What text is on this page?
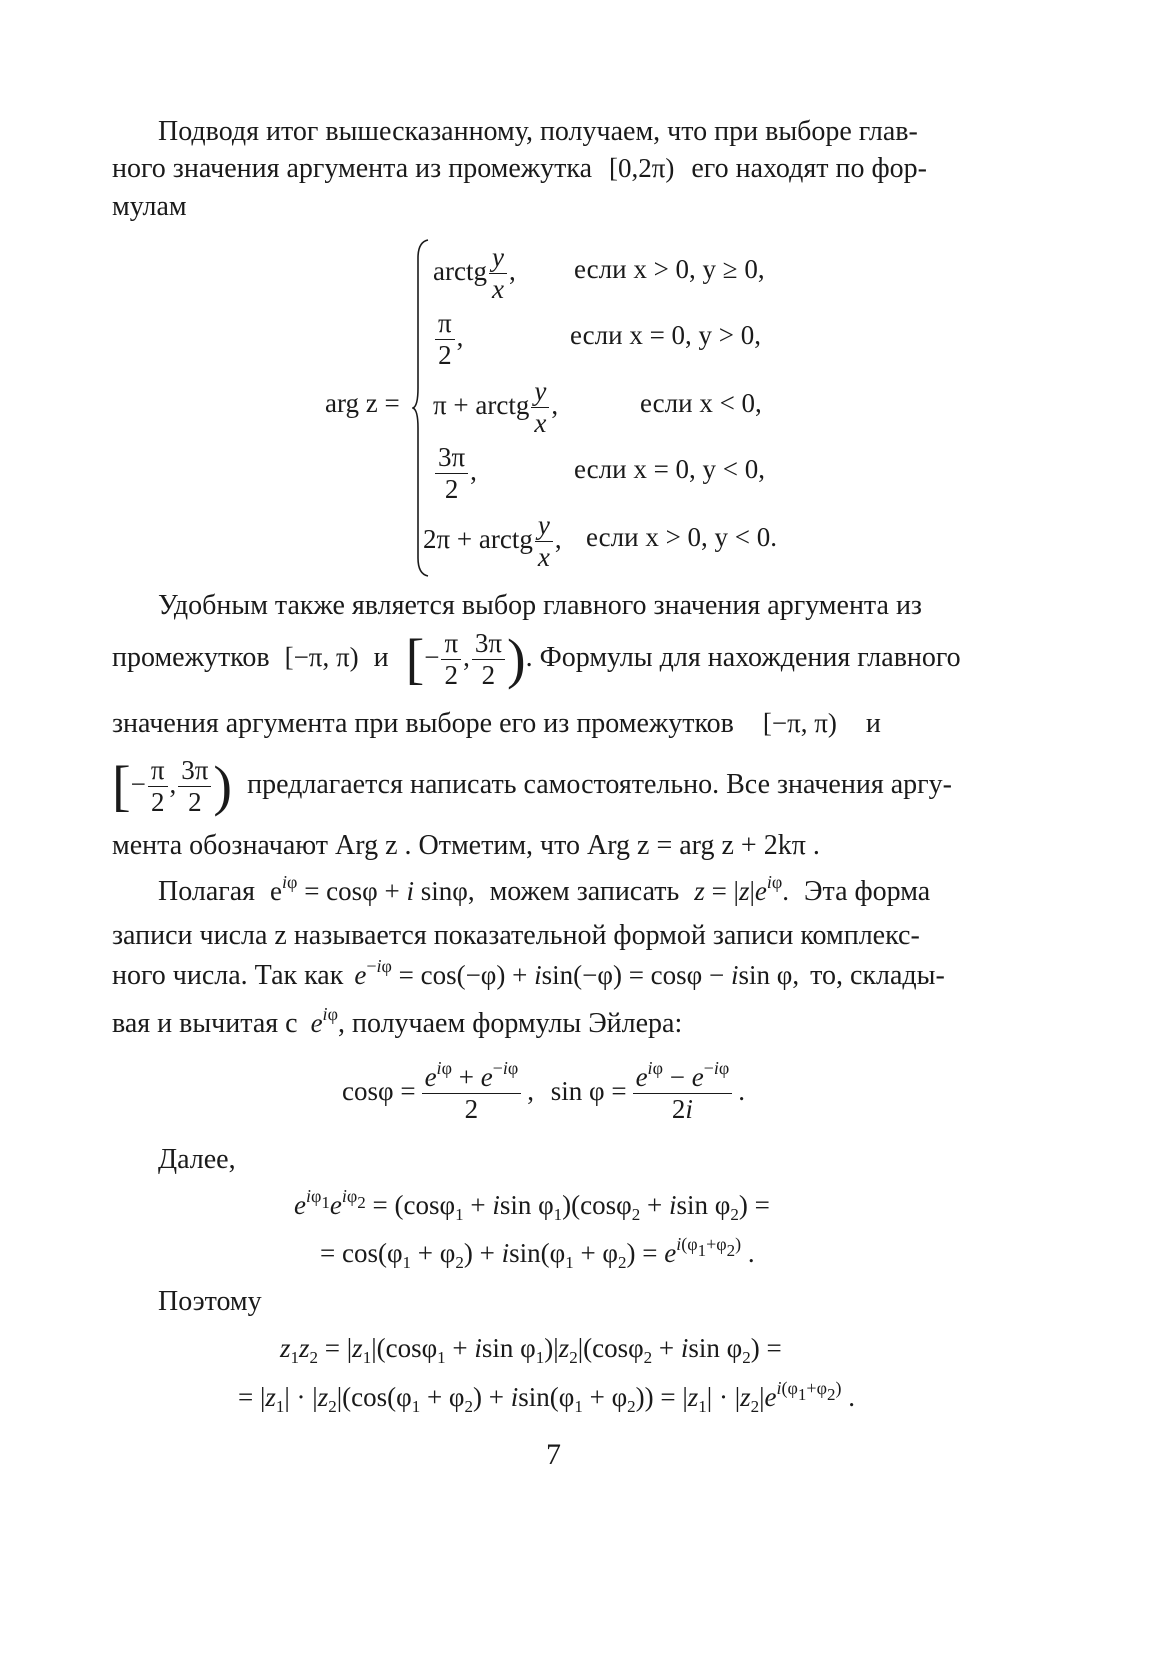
Подводя итог вышесказанному, получаем, что при выборе глав-
ного значения аргумента из промежутка [0,2π) его находят по фор-
мулам
arg z =
arctg $\frac{y}{x}$ , если x > 0, y ≥ 0,
$\frac{\pi}{2}$ ,	если x = 0, y > 0,
π + arctg $\frac{y}{x}$ ,	если x < 0,
$\frac{3\pi}{2}$ ,	если x = 0, y < 0,
2π + arctg $\frac{y}{x}$ , если x > 0, y < 0.
Удобным также является выбор главного значения аргумента из
промежутков [−π, π) и [− $\frac{\pi}{2}$ , $\frac{3\pi}{2}$ ). Формулы для нахождения главного
значения аргумента при выборе его из промежутков [−π, π) и
[− $\frac{\pi}{2}$ , $\frac{3\pi}{2}$ ) предлагается написать самостоятельно. Все значения аргу-
мента обозначают Arg z . Отметим, что Arg z = arg z + 2kπ .
Полагая $e^{i\varphi} = \cos\varphi + i$ sinφ, можем записать $z = |z|e^{i\varphi}$. Эта форма
записи числа z называется показательной формой записи комплекс-
ного числа. Так как $e^{-i\varphi} = \cos(-\varphi) + isin(-\varphi) = \cos\varphi - isin$ φ, то, склады-
вая и вычитая с $e^{i\varphi}$, получаем формулы Эйлера:
$\cos\varphi = e^{i\varphi} + e^{-i\varphi}$
2
, $\sin \varphi = e^{i\varphi} - e^{-i\varphi}$
2i
.
Далее,
$e^{i\varphi_1}e^{i\varphi_2} = (\cos\varphi_1 + isin$ $\varphi_1)(\cos\varphi_2 + isin$ $\varphi_2$) =
= $\cos(\varphi_1 + \varphi_2) + isin(\varphi_1 + \varphi_2) = e^{i(\varphi_1+\varphi_2)}$ .
Поэтому
$z_1z_2 = |z_1|(\cos\varphi_1 + isin$ $\varphi_1)|z_2|(\cos\varphi_2 + isin$ $\varphi_2$) =
= $|z_1| \cdot |z_2|(\cos(\varphi_1 + \varphi_2) + isin(\varphi_1 + \varphi_2)) = |z_1| \cdot |z_2|e^{i(\varphi_1+\varphi_2)}$ .
7
